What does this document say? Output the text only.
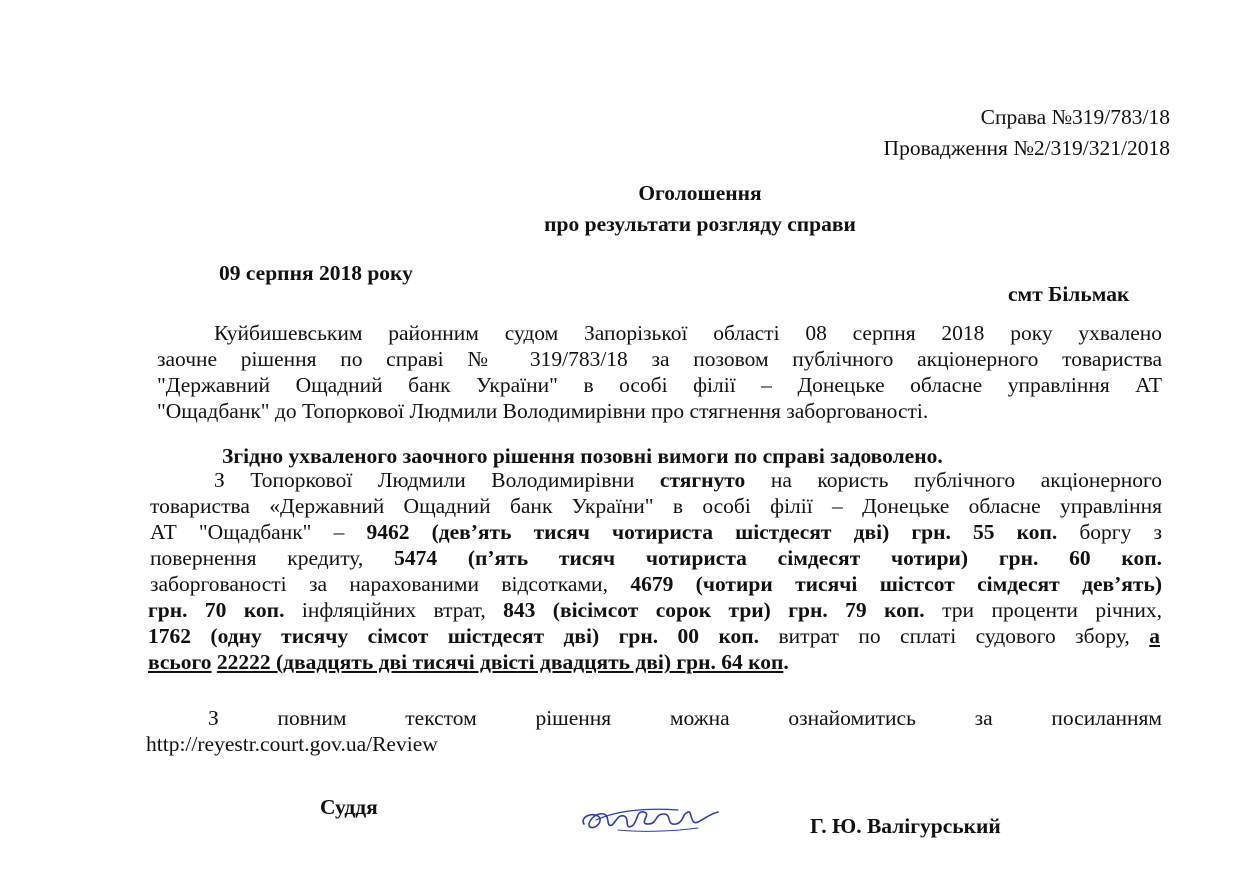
Справа №319/783/18
Провадження №2/319/321/2018
Оголошення
про результати розгляду справи
09 серпня 2018 року
смт Більмак
Куйбишевським районним судом Запорізької області 08 серпня 2018 року ухвалено
заочне рішення по справі № 319/783/18 за позовом публічного акціонерного товариства
"Державний Ощадний банк України" в особі філії – Донецьке обласне управління АТ
"Ощадбанк" до Топоркової Людмили Володимирівни про стягнення заборгованості.
Згідно ухваленого заочного рішення позовні вимоги по справі задоволено.
З Топоркової Людмили Володимирівни стягнуто на користь публічного акціонерного
товариства «Державний Ощадний банк України" в особі філії – Донецьке обласне управління
АТ "Ощадбанк" – 9462 (дев’ять тисяч чотириста шістдесят дві) грн. 55 коп. боргу з
повернення кредиту, 5474 (п’ять тисяч чотириста сімдесят чотири) грн. 60 коп.
заборгованості за нарахованими відсотками, 4679 (чотири тисячі шістсот сімдесят дев’ять)
грн. 70 коп. інфляційних втрат, 843 (вісімсот сорок три) грн. 79 коп. три проценти річних,
1762 (одну тисячу сімсот шістдесят дві) грн. 00 коп. витрат по сплаті судового збору, а
всього 22222 (двадцять дві тисячі двісті двадцять дві) грн. 64 коп.
З повним текстом рішення можна ознайомитись за посиланням
http://reyestr.court.gov.ua/Review
Суддя
Г. Ю. Валігурський
